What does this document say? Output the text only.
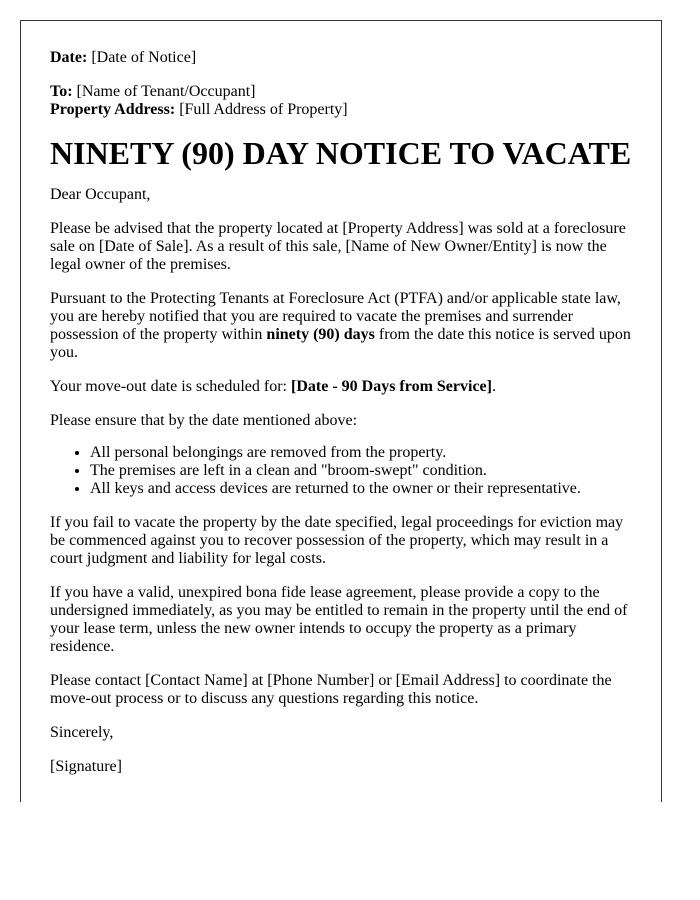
Date: [Date of Notice]

To: [Name of Tenant/Occupant]
Property Address: [Full Address of Property]

NINETY (90) DAY NOTICE TO VACATE

Dear Occupant,

Please be advised that the property located at [Property Address] was sold at a foreclosure sale on [Date of Sale]. As a result of this sale, [Name of New Owner/Entity] is now the legal owner of the premises.

Pursuant to the Protecting Tenants at Foreclosure Act (PTFA) and/or applicable state law, you are hereby notified that you are required to vacate the premises and surrender possession of the property within ninety (90) days from the date this notice is served upon you.

Your move-out date is scheduled for: [Date - 90 Days from Service].

Please ensure that by the date mentioned above:

• All personal belongings are removed from the property.
• The premises are left in a clean and "broom-swept" condition.
• All keys and access devices are returned to the owner or their representative.

If you fail to vacate the property by the date specified, legal proceedings for eviction may be commenced against you to recover possession of the property, which may result in a court judgment and liability for legal costs.

If you have a valid, unexpired bona fide lease agreement, please provide a copy to the undersigned immediately, as you may be entitled to remain in the property until the end of your lease term, unless the new owner intends to occupy the property as a primary residence.

Please contact [Contact Name] at [Phone Number] or [Email Address] to coordinate the move-out process or to discuss any questions regarding this notice.

Sincerely,

[Signature]
